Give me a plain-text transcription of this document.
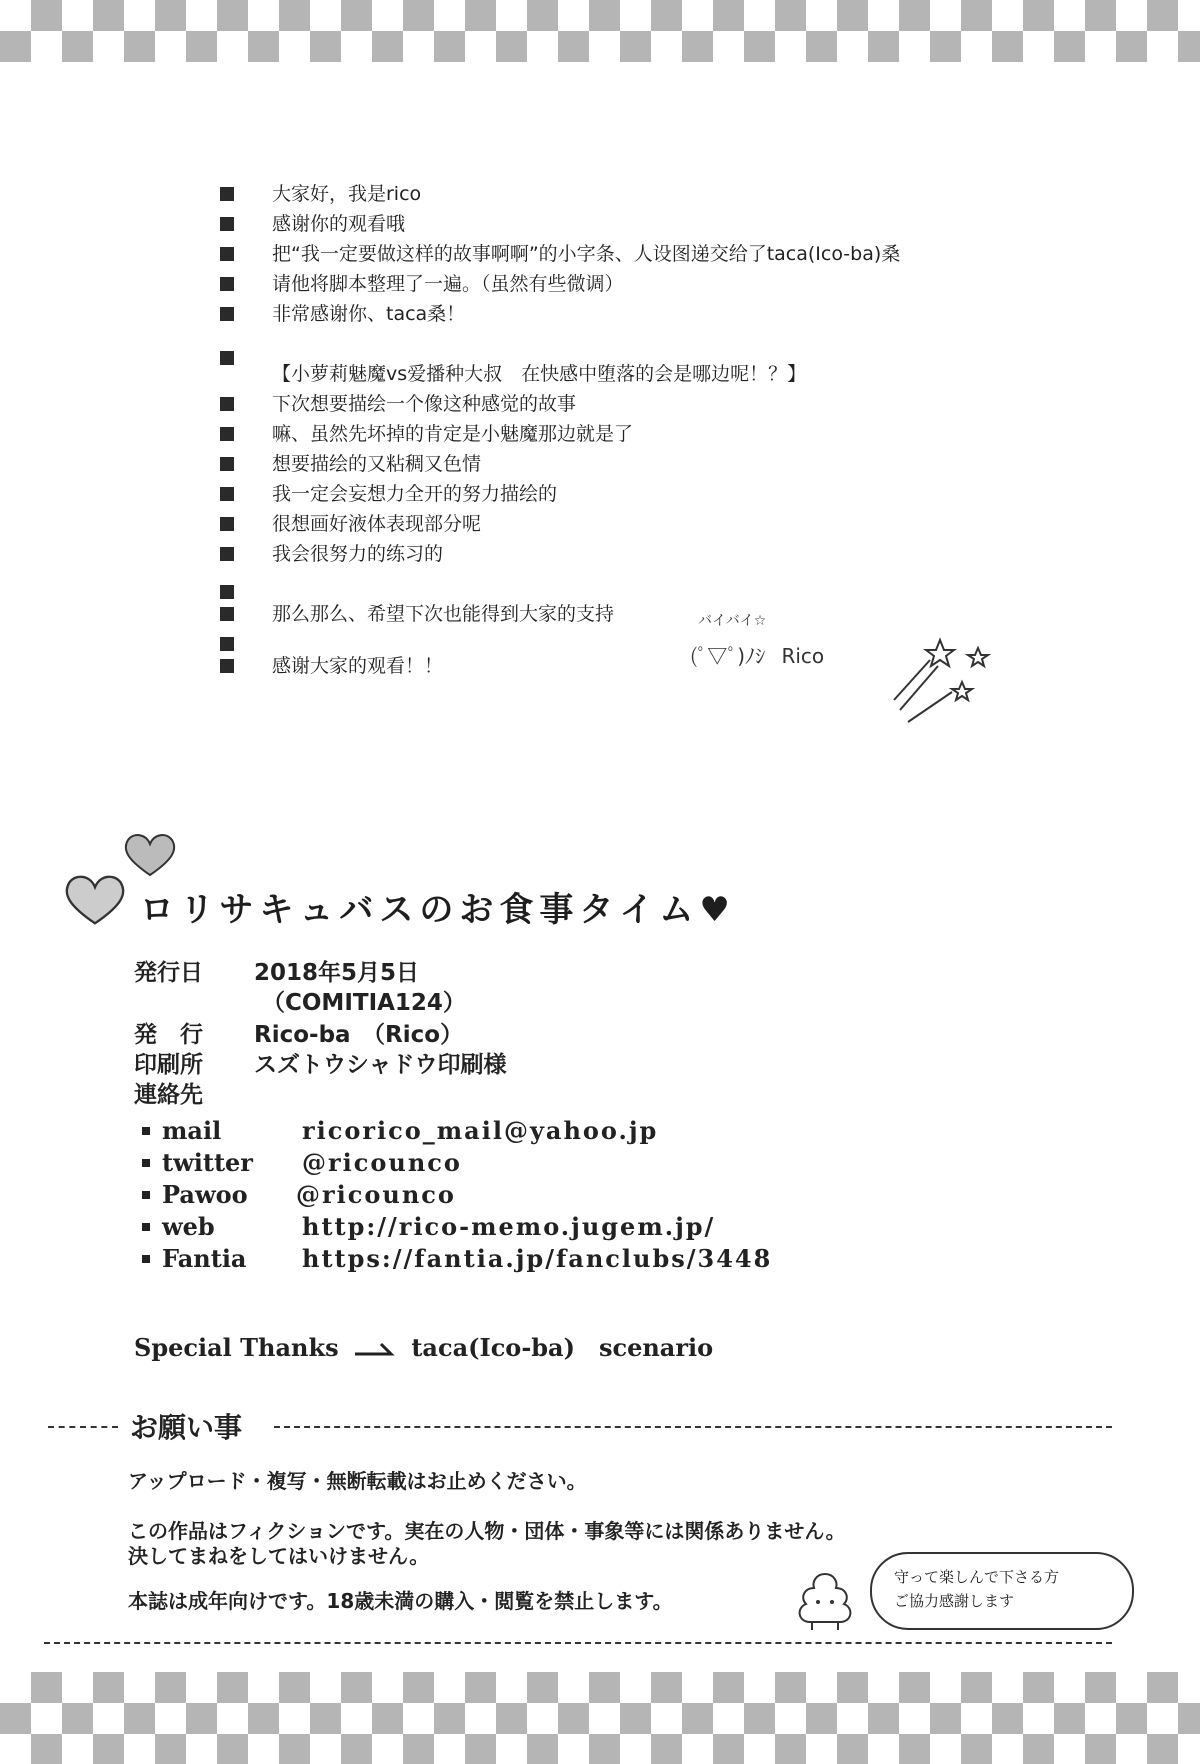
大家好，我是rico
感谢你的观看哦
把“我一定要做这样的故事啊啊”的小字条、人设图递交给了taca(Ico-ba)桑
请他将脚本整理了一遍。（虽然有些微调）
非常感谢你、taca桑！
【小萝莉魅魔vs爱播种大叔　在快感中堕落的会是哪边呢！？】
下次想要描绘一个像这种感觉的故事
嘛、虽然先坏掉的肯定是小魅魔那边就是了
想要描绘的又粘稠又色情
我一定会妄想力全开的努力描绘的
很想画好液体表现部分呢
我会很努力的练习的
那么那么、希望下次也能得到大家的支持
感谢大家的观看！！
バイバイ☆
(ﾟ▽ﾟ)ﾉｼ Rico
ロリサキュバスのお食事タイム♥
発行日 2018年5月5日
（COMITIA124）
発　行 Rico-ba　（Rico）
印刷所 スズトウシャドウ印刷様
連絡先
mail	ricorico_mail@yahoo.jp
twitter @ricounco
Pawoo @ricounco
web	http://rico-memo.jugem.jp/
Fantia https://fantia.jp/fanclubs/3448
Special Thanks	taca(Ico-ba)　scenario
お願い事
アップロード・複写・無断転載はお止めください。
この作品はフィクションです。実在の人物・団体・事象等には関係ありません。
決してまねをしてはいけません。
本誌は成年向けです。18歳未満の購入・閲覧を禁止します。
守って楽しんで下さる方
ご協力感謝します
